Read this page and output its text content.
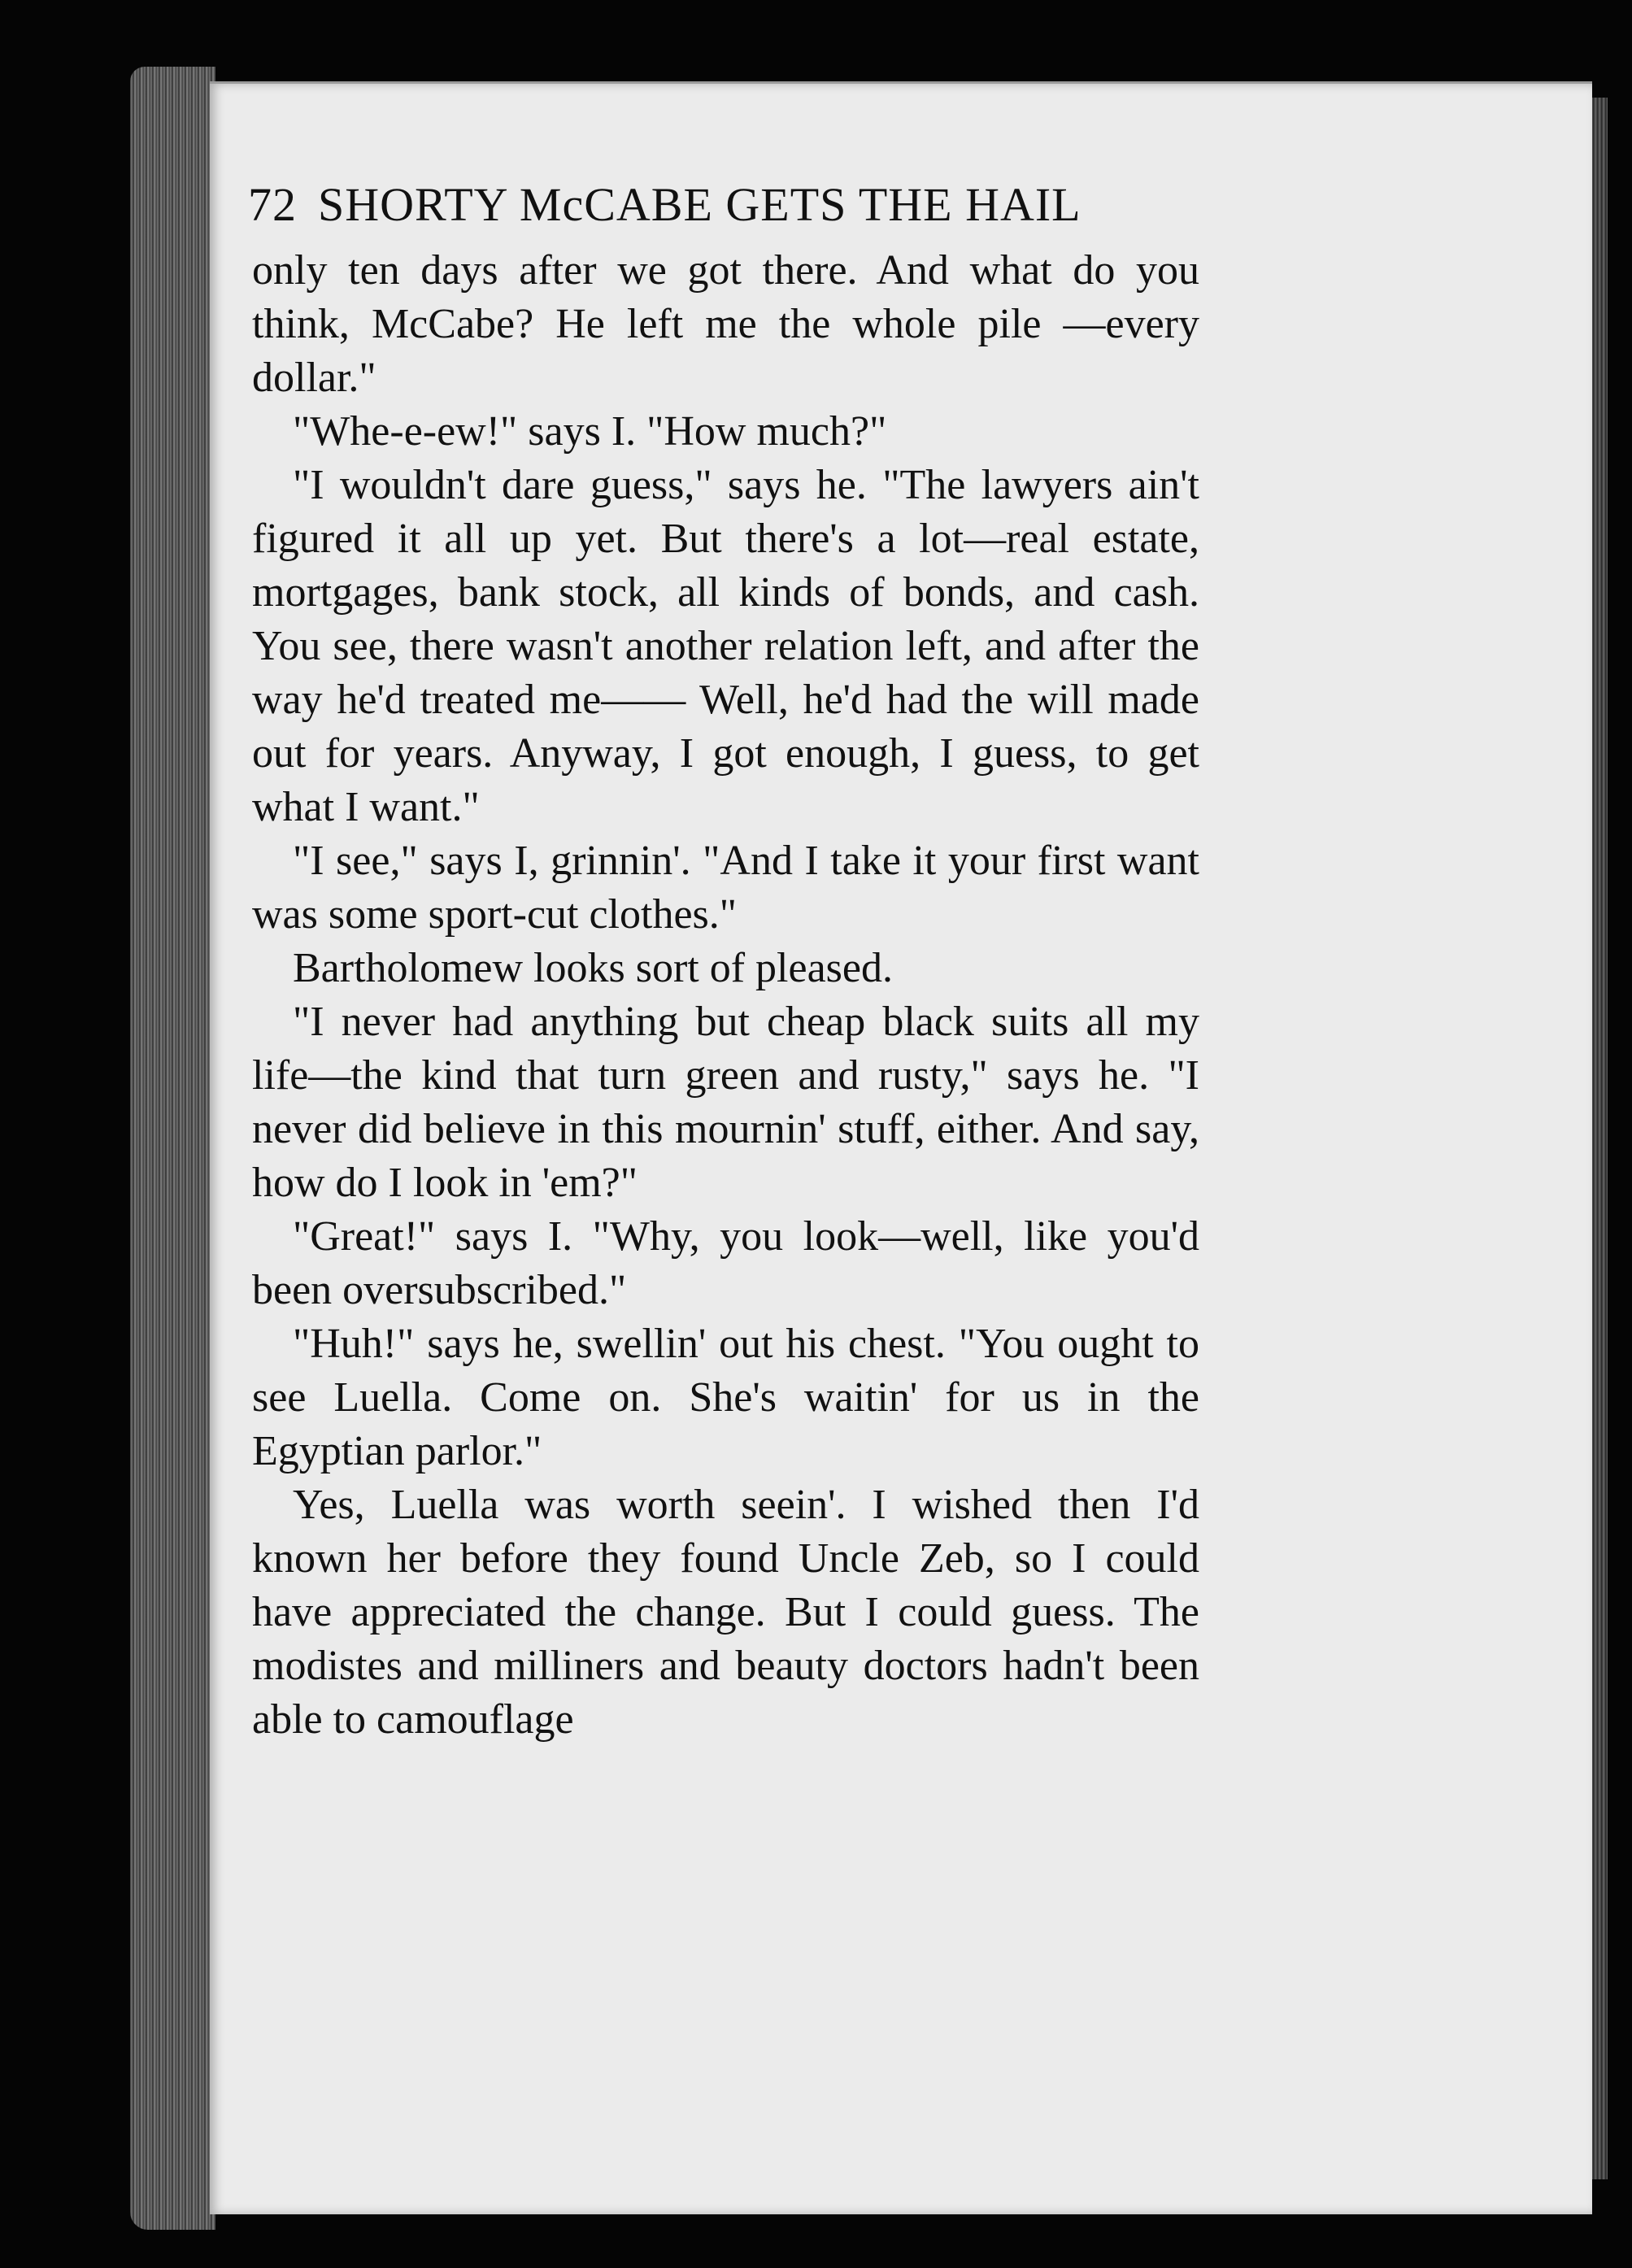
72 SHORTY McCABE GETS THE HAIL

only ten days after we got there. And what do you think, McCabe? He left me the whole pile —every dollar."

"Whe-e-ew!" says I. "How much?"

"I wouldn't dare guess," says he. "The lawyers ain't figured it all up yet. But there's a lot—real estate, mortgages, bank stock, all kinds of bonds, and cash. You see, there wasn't another relation left, and after the way he'd treated me—— Well, he'd had the will made out for years. Anyway, I got enough, I guess, to get what I want."

"I see," says I, grinnin'. "And I take it your first want was some sport-cut clothes."

Bartholomew looks sort of pleased.

"I never had anything but cheap black suits all my life—the kind that turn green and rusty," says he. "I never did believe in this mournin' stuff, either. And say, how do I look in 'em?"

"Great!" says I. "Why, you look—well, like you'd been oversubscribed."

"Huh!" says he, swellin' out his chest. "You ought to see Luella. Come on. She's waitin' for us in the Egyptian parlor."

Yes, Luella was worth seein'. I wished then I'd known her before they found Uncle Zeb, so I could have appreciated the change. But I could guess. The modistes and milliners and beauty doctors hadn't been able to camouflage
